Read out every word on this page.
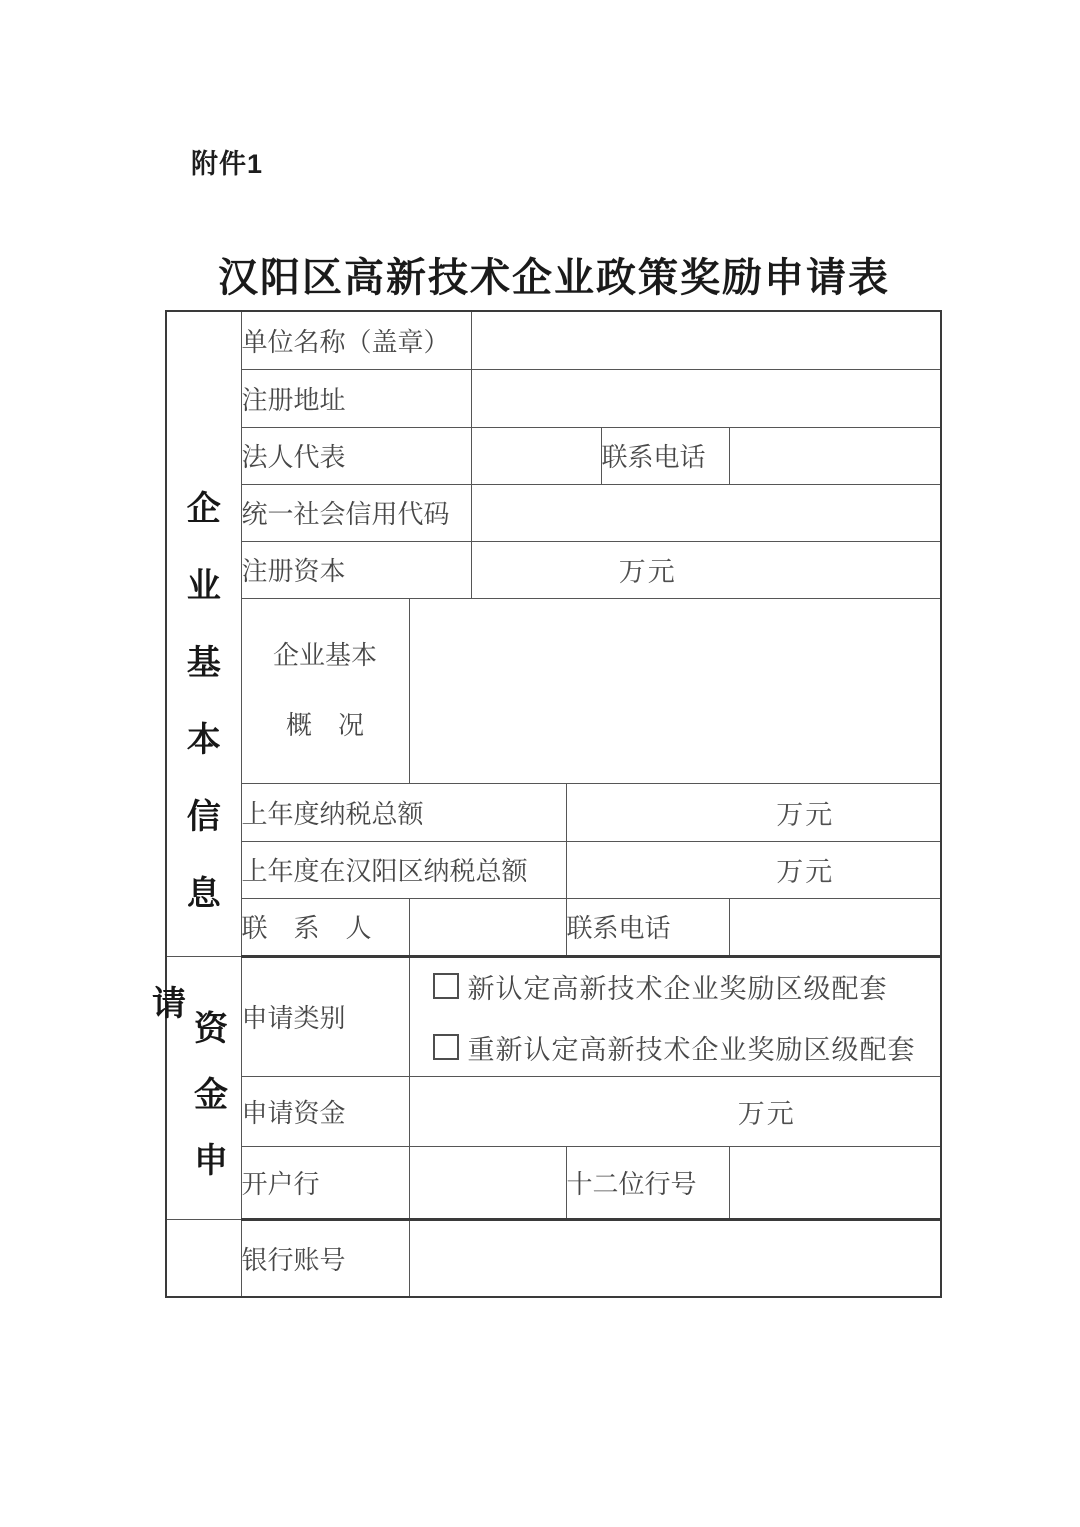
附件1
汉阳区高新技术企业政策奖励申请表
企业基本信息	单位名称（盖章）					
	注册地址					
	法人代表				联系电话	
	统一社会信用代码					
	注册资本		万元			
	企业基本
概　况					
	上年度纳税总额			万元		
	上年度在汉阳区纳税总额			万元		
	联　系　人			联系电话		

资金申
请	申请类别	
新认定高新技术企业奖励区级配套
重新认定高新技术企业奖励区级配套

	申请资金	万元				
	开户行			十二位行号		
	银行账号					
